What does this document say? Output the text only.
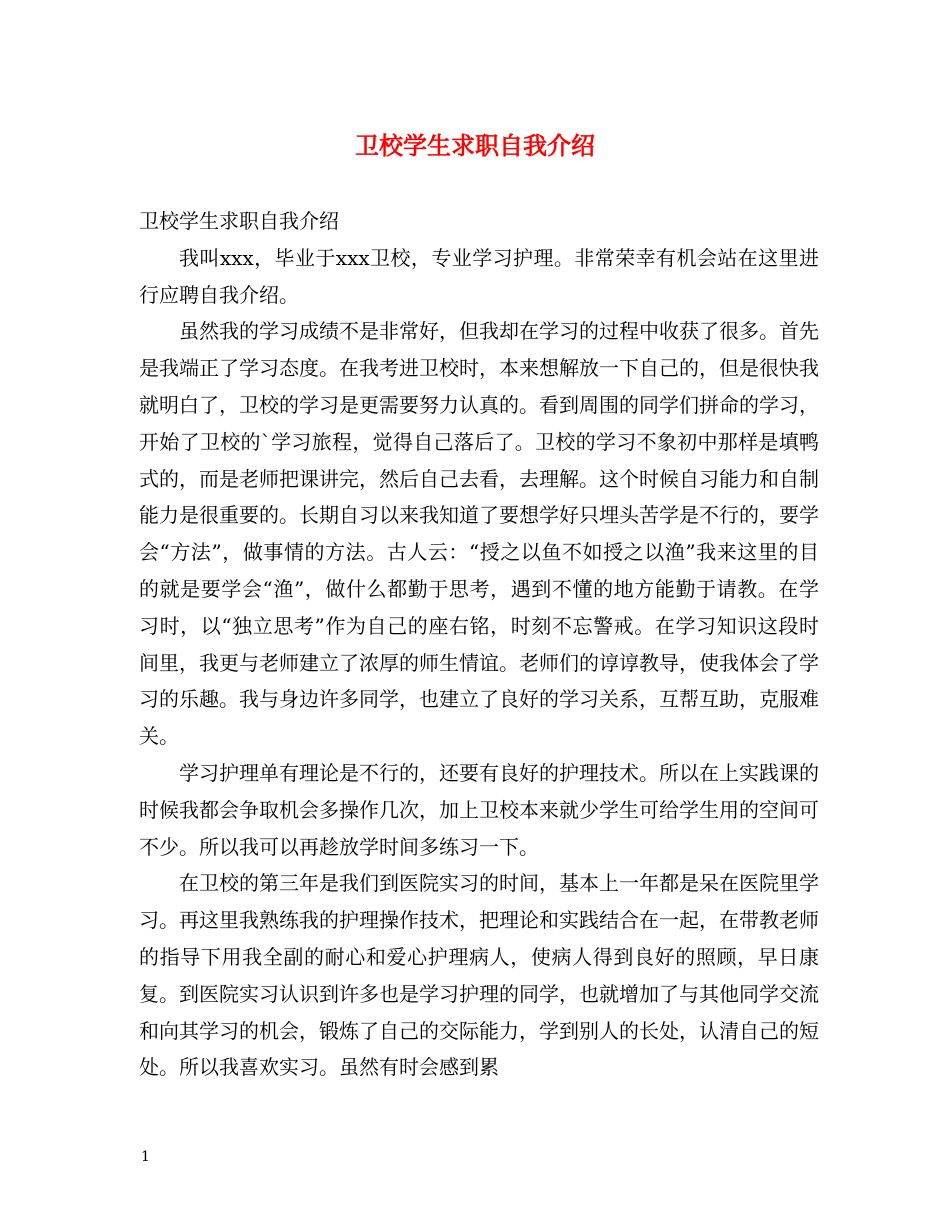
卫校学生求职自我介绍

卫校学生求职自我介绍

我叫xxx，毕业于xxx卫校，专业学习护理。非常荣幸有机会站在这里进行应聘自我介绍。

虽然我的学习成绩不是非常好，但我却在学习的过程中收获了很多。首先是我端正了学习态度。在我考进卫校时，本来想解放一下自己的，但是很快我就明白了，卫校的学习是更需要努力认真的。看到周围的同学们拼命的学习，开始了卫校的`学习旅程，觉得自己落后了。卫校的学习不象初中那样是填鸭式的，而是老师把课讲完，然后自己去看，去理解。这个时候自习能力和自制能力是很重要的。长期自习以来我知道了要想学好只埋头苦学是不行的，要学会“方法”，做事情的方法。古人云：“授之以鱼不如授之以渔”我来这里的目的就是要学会“渔”，做什么都勤于思考，遇到不懂的地方能勤于请教。在学习时，以“独立思考”作为自己的座右铭，时刻不忘警戒。在学习知识这段时间里，我更与老师建立了浓厚的师生情谊。老师们的谆谆教导，使我体会了学习的乐趣。我与身边许多同学，也建立了良好的学习关系，互帮互助，克服难关。

学习护理单有理论是不行的，还要有良好的护理技术。所以在上实践课的时候我都会争取机会多操作几次，加上卫校本来就少学生可给学生用的空间可不少。所以我可以再趁放学时间多练习一下。

在卫校的第三年是我们到医院实习的时间，基本上一年都是呆在医院里学习。再这里我熟练我的护理操作技术，把理论和实践结合在一起，在带教老师的指导下用我全副的耐心和爱心护理病人，使病人得到良好的照顾，早日康复。到医院实习认识到许多也是学习护理的同学，也就增加了与其他同学交流和向其学习的机会，锻炼了自己的交际能力，学到别人的长处，认清自己的短处。所以我喜欢实习。虽然有时会感到累

1
